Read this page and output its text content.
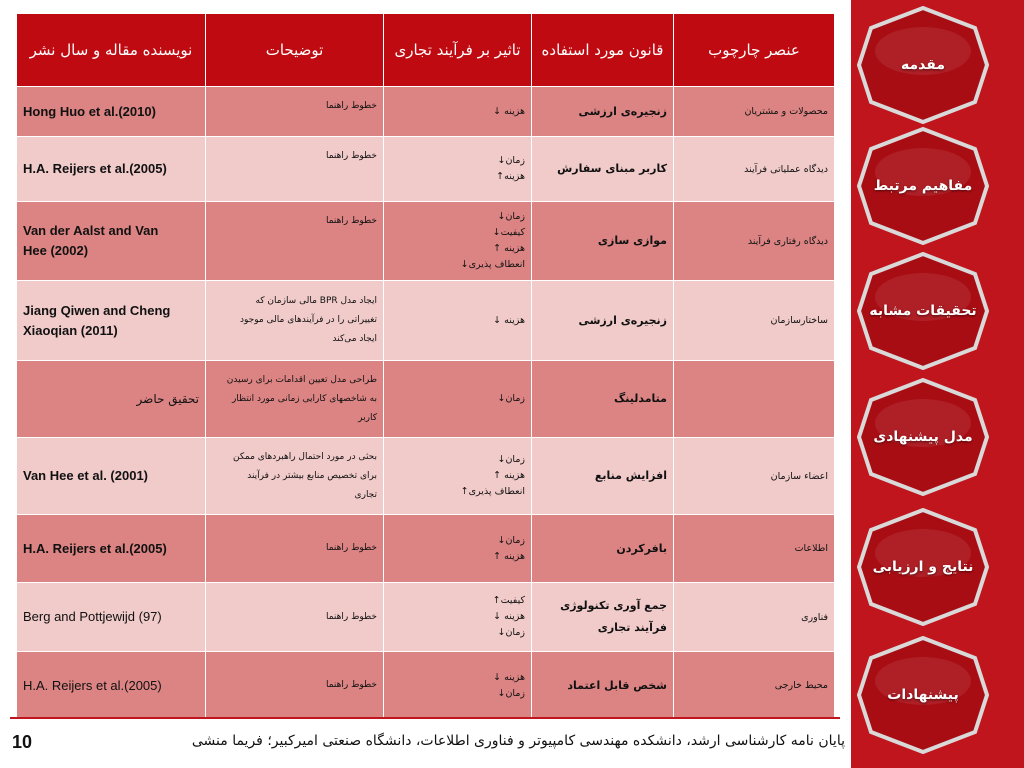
نویسنده مقاله و سال نشر	توضیحات	تاثیر بر فرآیند تجاری	قانون مورد استفاده	عنصر چارچوب

Hong Huo et al.(2010)	خطوط راهنما	هزینه ↓	زنجیره‌ی ارزشی	محصولات و مشتریان

H.A. Reijers et al.(2005)	خطوط راهنما	زمان↓
هزینه↑	کاربر مبنای سفارش	دیدگاه عملیاتی فرآیند

Van der Aalst and Van
Hee (2002)	خطوط راهنما	زمان↓
کیفیت↓
هزینه ↑
انعطاف پذیری↓	موازی سازی	دیدگاه رفتاری فرآیند

Jiang Qiwen and Cheng
Xiaoqian (2011)	ایجاد مدل BPR مالی سازمان که
تغییراتی را در فرآیندهای مالی موجود
ایجاد می‌کند	هزینه ↓	زنجیره‌ی ارزشی	ساختارسازمان

تحقیق حاضر	طراحی مدل تعیین اقدامات برای رسیدن
به شاخصهای کارایی زمانی مورد انتظار
کاربر	زمان↓	متامدلینگ	

Van Hee et al. (2001)	بحثی در مورد احتمال راهبردهای ممکن
برای تخصیص منابع بیشتر در فرآیند
تجاری	زمان↓
هزینه ↑
انعطاف پذیری↑	افزایش منابع	اعضاء سازمان

H.A. Reijers et al.(2005)	خطوط راهنما	زمان↓
هزینه ↑	بافرکردن	اطلاعات

Berg and Pottjewijd (97)	خطوط راهنما	کیفیت↑
هزینه ↓
زمان↓	جمع آوری تکنولوژی
فرآیند تجاری	فناوری

H.A. Reijers et al.(2005)	خطوط راهنما	هزینه ↓
زمان↓	شخص قابل اعتماد	محیط خارجی
مقدمه
مفاهیم مرتبط
تحقیقات مشابه
مدل پیشنهادی
نتایج و ارزیابی
پیشنهادات
10	پایان نامه کارشناسی ارشد، دانشکده مهندسی کامپیوتر و فناوری اطلاعات، دانشگاه صنعتی امیرکبیر؛ فریما منشی
